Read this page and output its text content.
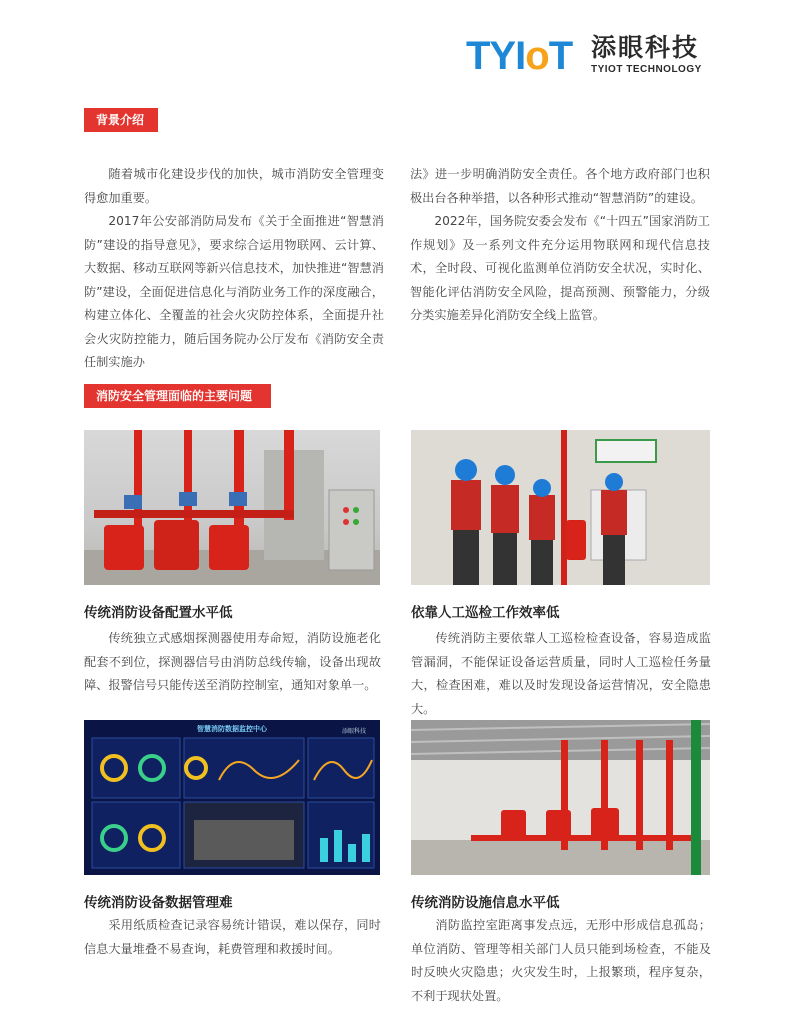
TYIoT 添眼科技
TYIOT TECHNOLOGY
背景介绍

随着城市化建设步伐的加快，城市消防安全管理变得愈加重要。

2017年公安部消防局发布《关于全面推进“智慧消防”建设的指导意见》，要求综合运用物联网、云计算、大数据、移动互联网等新兴信息技术，加快推进“智慧消防”建设，全面促进信息化与消防业务工作的深度融合，构建立体化、全覆盖的社会火灾防控体系，全面提升社会火灾防控能力，随后国务院办公厅发布《消防安全责任制实施办

法》进一步明确消防安全责任。各个地方政府部门也积极出台各种举措，以各种形式推动“智慧消防”的建设。

2022年，国务院安委会发布《“十四五”国家消防工作规划》及一系列文件充分运用物联网和现代信息技术，全时段、可视化监测单位消防安全状况，实时化、智能化评估消防安全风险，提高预测、预警能力，分级分类实施差异化消防安全线上监管。

消防安全管理面临的主要问题
智慧消防数据监控中心	添眼科技
传统消防设备配置水平低

传统独立式感烟探测器使用寿命短，消防设施老化配套不到位，探测器信号由消防总线传输，设备出现故障、报警信号只能传送至消防控制室，通知对象单一。

依靠人工巡检工作效率低

传统消防主要依靠人工巡检检查设备，容易造成监管漏洞，不能保证设备运营质量，同时人工巡检任务量大，检查困难，难以及时发现设备运营情况，安全隐患大。

传统消防设备数据管理难

采用纸质检查记录容易统计错误，难以保存，同时信息大量堆叠不易查询，耗费管理和救援时间。

传统消防设施信息水平低

消防监控室距离事发点远，无形中形成信息孤岛；单位消防、管理等相关部门人员只能到场检查，不能及时反映火灾隐患；火灾发生时，上报繁琐，程序复杂，不利于现状处置。
